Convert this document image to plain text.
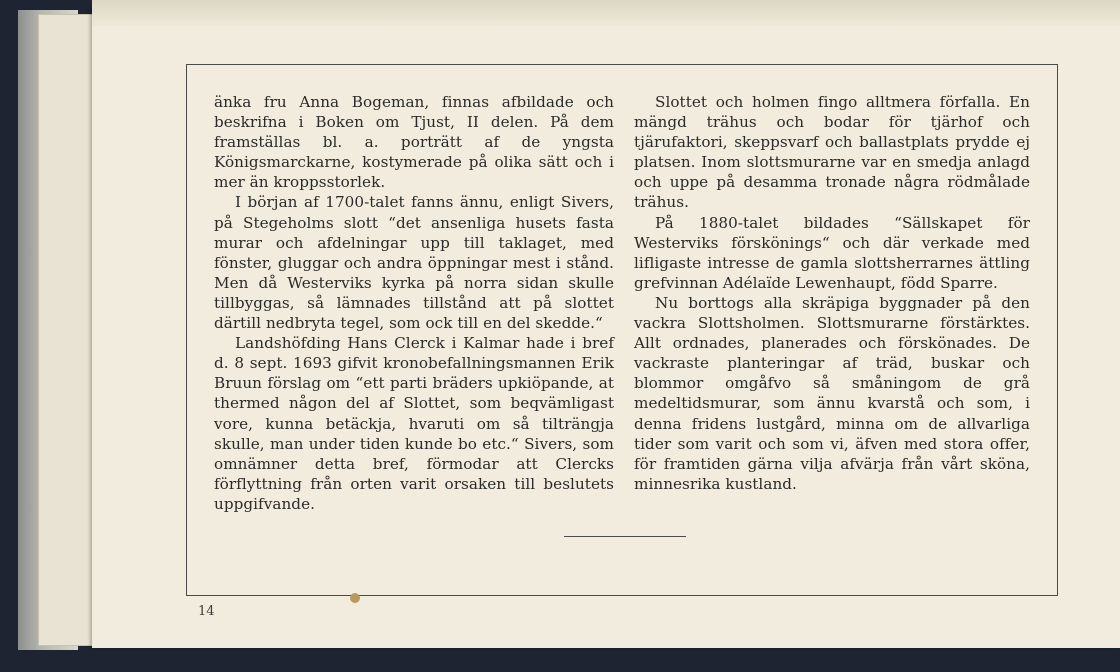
änka fru Anna Bogeman, finnas afbildade och beskrifna i Boken om Tjust, II delen. På dem framställas bl. a. porträtt af de yngsta Königsmarckarne, kostymerade på olika sätt och i mer än kroppsstorlek.

I början af 1700-talet fanns ännu, enligt Sivers, på Stegeholms slott “det ansenliga husets fasta murar och afdelningar upp till taklaget, med fönster, gluggar och andra öppningar mest i stånd. Men då Westerviks kyrka på norra sidan skulle tillbyggas, så lämnades tillstånd att på slottet därtill nedbryta tegel, som ock till en del skedde.“

Landshöfding Hans Clerck i Kalmar hade i bref d. 8 sept. 1693 gifvit kronobefallningsmannen Erik Bruun förslag om “ett parti bräders upkiöpande, at thermed någon del af Slottet, som beqvämligast vore, kunna betäckja, hvaruti om så tilträngja skulle, man under tiden kunde bo etc.“ Sivers, som omnämner detta bref, förmodar att Clercks förflyttning från orten varit orsaken till beslutets uppgifvande.

Slottet och holmen fingo alltmera förfalla. En mängd trähus och bodar för tjärhof och tjärufaktori, skeppsvarf och ballastplats prydde ej platsen. Inom slottsmurarne var en smedja anlagd och uppe på desamma tronade några rödmålade trähus.

På 1880-talet bildades “Sällskapet för Westerviks förskönings“ och där verkade med lifligaste intresse de gamla slottsherrarnes ättling grefvinnan Adélaïde Lewenhaupt, född Sparre.

Nu borttogs alla skräpiga byggnader på den vackra Slottsholmen. Slottsmurarne förstärktes. Allt ordnades, planerades och förskönades. De vackraste planteringar af träd, buskar och blommor omgåfvo så småningom de grå medeltidsmurar, som ännu kvarstå och som, i denna fridens lustgård, minna om de allvarliga tider som varit och som vi, äfven med stora offer, för framtiden gärna vilja afvärja från vårt sköna, minnesrika kustland.

14
